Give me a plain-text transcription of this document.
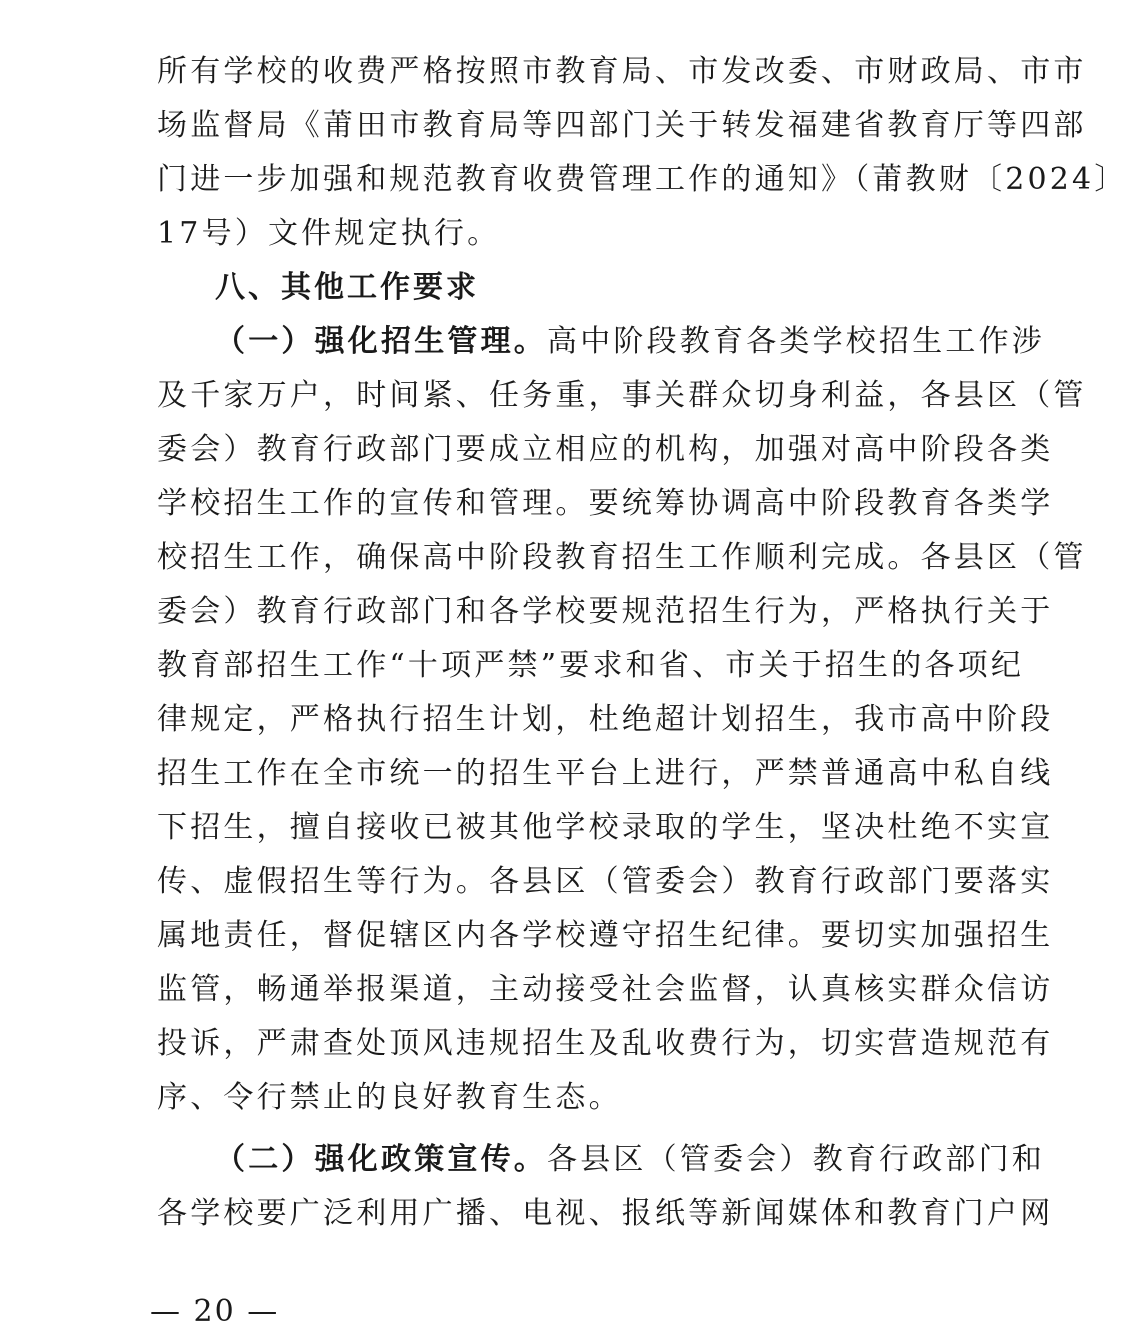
所有学校的收费严格按照市教育局、市发改委、市财政局、市市
场监督局《莆田市教育局等四部门关于转发福建省教育厅等四部
门进一步加强和规范教育收费管理工作的通知》（莆教财〔2024〕
17号）文件规定执行。
八、其他工作要求
（一）强化招生管理。高中阶段教育各类学校招生工作涉
及千家万户，时间紧、任务重，事关群众切身利益，各县区（管
委会）教育行政部门要成立相应的机构，加强对高中阶段各类
学校招生工作的宣传和管理。要统筹协调高中阶段教育各类学
校招生工作，确保高中阶段教育招生工作顺利完成。各县区（管
委会）教育行政部门和各学校要规范招生行为，严格执行关于
教育部招生工作“十项严禁”要求和省、市关于招生的各项纪
律规定，严格执行招生计划，杜绝超计划招生，我市高中阶段
招生工作在全市统一的招生平台上进行，严禁普通高中私自线
下招生，擅自接收已被其他学校录取的学生，坚决杜绝不实宣
传、虚假招生等行为。各县区（管委会）教育行政部门要落实
属地责任，督促辖区内各学校遵守招生纪律。要切实加强招生
监管，畅通举报渠道，主动接受社会监督，认真核实群众信访
投诉，严肃查处顶风违规招生及乱收费行为，切实营造规范有
序、令行禁止的良好教育生态。
（二）强化政策宣传。各县区（管委会）教育行政部门和
各学校要广泛利用广播、电视、报纸等新闻媒体和教育门户网
— 20 —
